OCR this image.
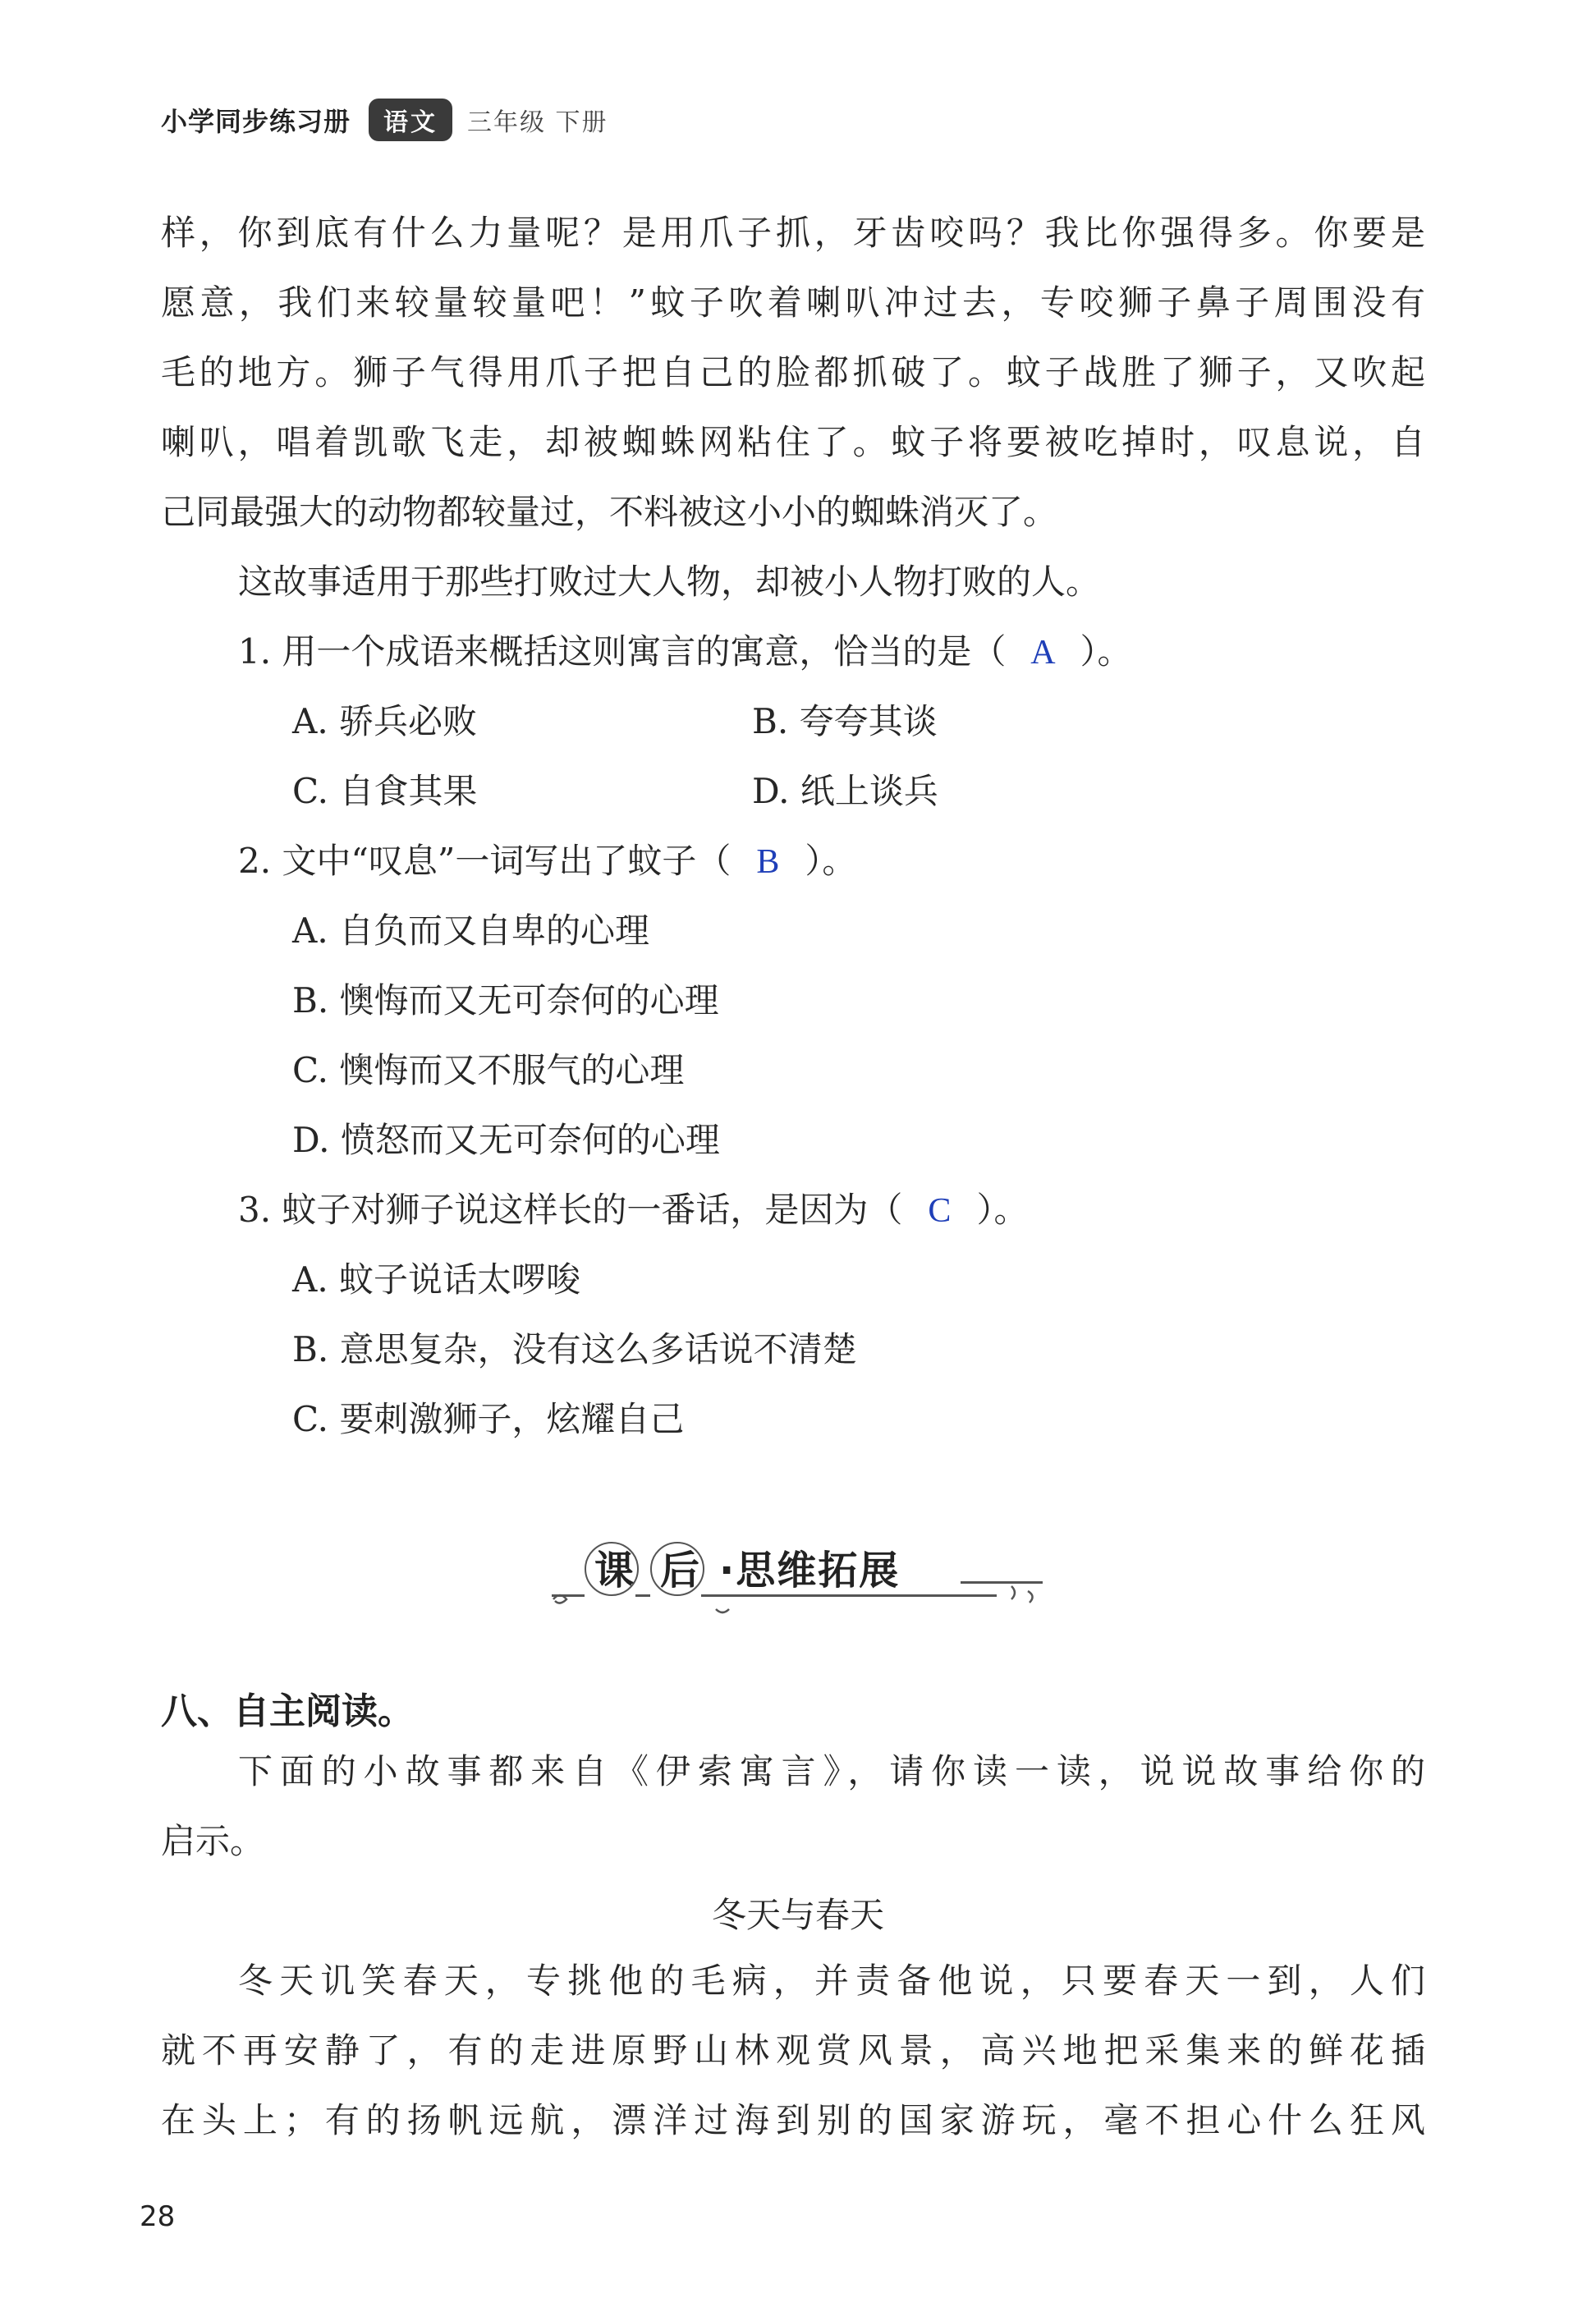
小学同步练习册	语文	三年级 下册
样，你到底有什么力量呢？是用爪子抓，牙齿咬吗？我比你强得多。你要是
愿意，我们来较量较量吧！”蚊子吹着喇叭冲过去，专咬狮子鼻子周围没有
毛的地方。狮子气得用爪子把自己的脸都抓破了。蚊子战胜了狮子，又吹起
喇叭，唱着凯歌飞走，却被蜘蛛网粘住了。蚊子将要被吃掉时，叹息说，自
己同最强大的动物都较量过，不料被这小小的蜘蛛消灭了。
这故事适用于那些打败过大人物，却被小人物打败的人。
1. 用一个成语来概括这则寓言的寓意，恰当的是（ A ）。
A. 骄兵必败	B. 夸夸其谈
C. 自食其果	D. 纸上谈兵
2. 文中“叹息”一词写出了蚊子（ B ）。
A. 自负而又自卑的心理
B. 懊悔而又无可奈何的心理
C. 懊悔而又不服气的心理
D. 愤怒而又无可奈何的心理
3. 蚊子对狮子说这样长的一番话，是因为（ C ）。
A. 蚊子说话太啰唆
B. 意思复杂，没有这么多话说不清楚
C. 要刺激狮子，炫耀自己
课 后 ·思维拓展
八、自主阅读。
下面的小故事都来自《伊索寓言》，请你读一读，说说故事给你的
启示。
冬天与春天
冬天讥笑春天，专挑他的毛病，并责备他说，只要春天一到，人们
就不再安静了，有的走进原野山林观赏风景，高兴地把采集来的鲜花插
在头上；有的扬帆远航，漂洋过海到别的国家游玩，毫不担心什么狂风
28
